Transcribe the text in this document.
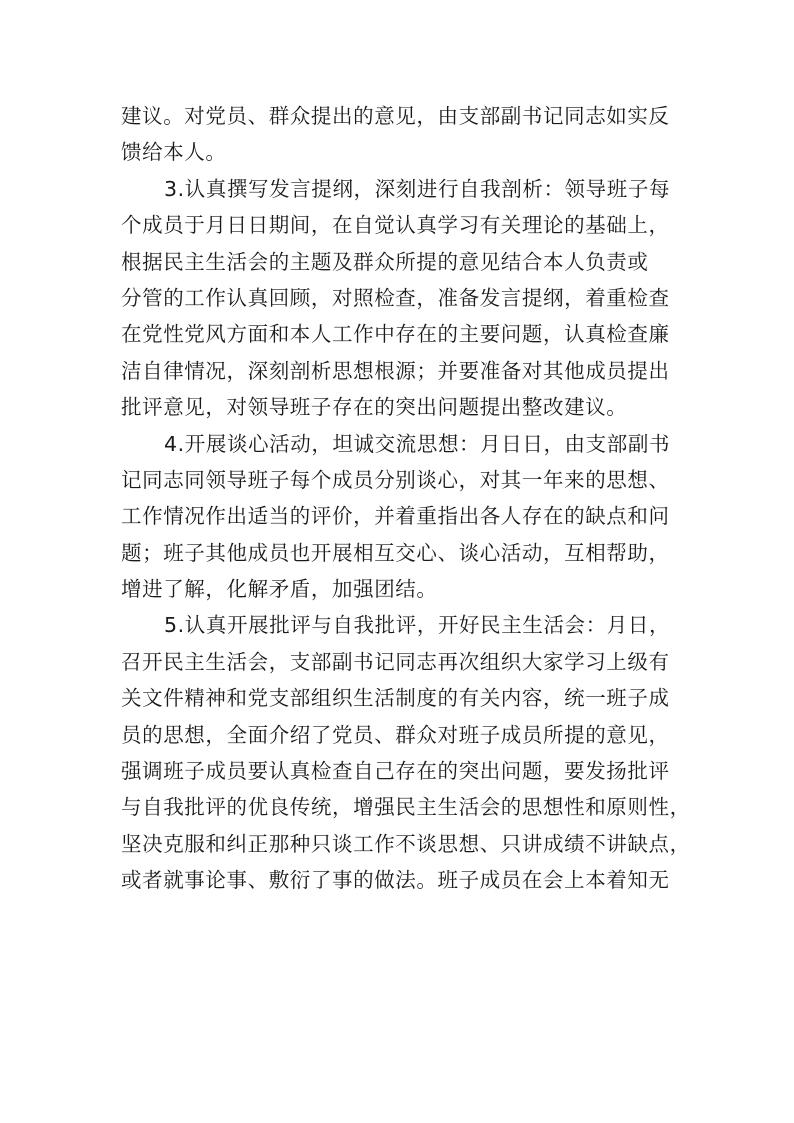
建议。对党员、群众提出的意见，由支部副书记同志如实反
馈给本人。
3.认真撰写发言提纲，深刻进行自我剖析：领导班子每
个成员于月日日期间，在自觉认真学习有关理论的基础上，
根据民主生活会的主题及群众所提的意见结合本人负责或
分管的工作认真回顾，对照检查，准备发言提纲，着重检查
在党性党风方面和本人工作中存在的主要问题，认真检查廉
洁自律情况，深刻剖析思想根源；并要准备对其他成员提出
批评意见，对领导班子存在的突出问题提出整改建议。
4.开展谈心活动，坦诚交流思想：月日日，由支部副书
记同志同领导班子每个成员分别谈心，对其一年来的思想、
工作情况作出适当的评价，并着重指出各人存在的缺点和问
题；班子其他成员也开展相互交心、谈心活动，互相帮助，
增进了解，化解矛盾，加强团结。
5.认真开展批评与自我批评，开好民主生活会：月日，
召开民主生活会，支部副书记同志再次组织大家学习上级有
关文件精神和党支部组织生活制度的有关内容，统一班子成
员的思想，全面介绍了党员、群众对班子成员所提的意见，
强调班子成员要认真检查自己存在的突出问题，要发扬批评
与自我批评的优良传统，增强民主生活会的思想性和原则性，
坚决克服和纠正那种只谈工作不谈思想、只讲成绩不讲缺点，
或者就事论事、敷衍了事的做法。班子成员在会上本着知无
